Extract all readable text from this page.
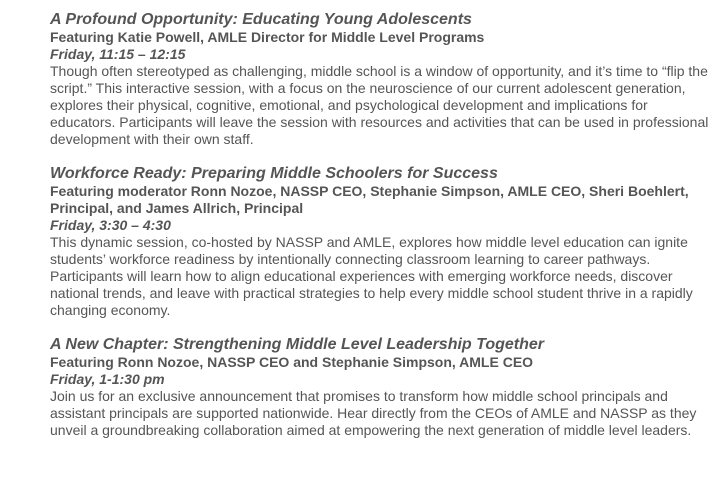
A Profound Opportunity: Educating Young Adolescents

Featuring Katie Powell, AMLE Director for Middle Level Programs

Friday, 11:15 – 12:15

Though often stereotyped as challenging, middle school is a window of opportunity, and it’s time to “flip the script.” This interactive session, with a focus on the neuroscience of our current adolescent generation, explores their physical, cognitive, emotional, and psychological development and implications for educators. Participants will leave the session with resources and activities that can be used in professional development with their own staff.

Workforce Ready: Preparing Middle Schoolers for Success

Featuring moderator Ronn Nozoe, NASSP CEO, Stephanie Simpson, AMLE CEO, Sheri Boehlert, Principal, and James Allrich, Principal

Friday, 3:30 – 4:30

This dynamic session, co-hosted by NASSP and AMLE, explores how middle level education can ignite students’ workforce readiness by intentionally connecting classroom learning to career pathways. Participants will learn how to align educational experiences with emerging workforce needs, discover national trends, and leave with practical strategies to help every middle school student thrive in a rapidly changing economy.

A New Chapter: Strengthening Middle Level Leadership Together

Featuring Ronn Nozoe, NASSP CEO and Stephanie Simpson, AMLE CEO

Friday, 1-1:30 pm

Join us for an exclusive announcement that promises to transform how middle school principals and assistant principals are supported nationwide. Hear directly from the CEOs of AMLE and NASSP as they unveil a groundbreaking collaboration aimed at empowering the next generation of middle level leaders.
